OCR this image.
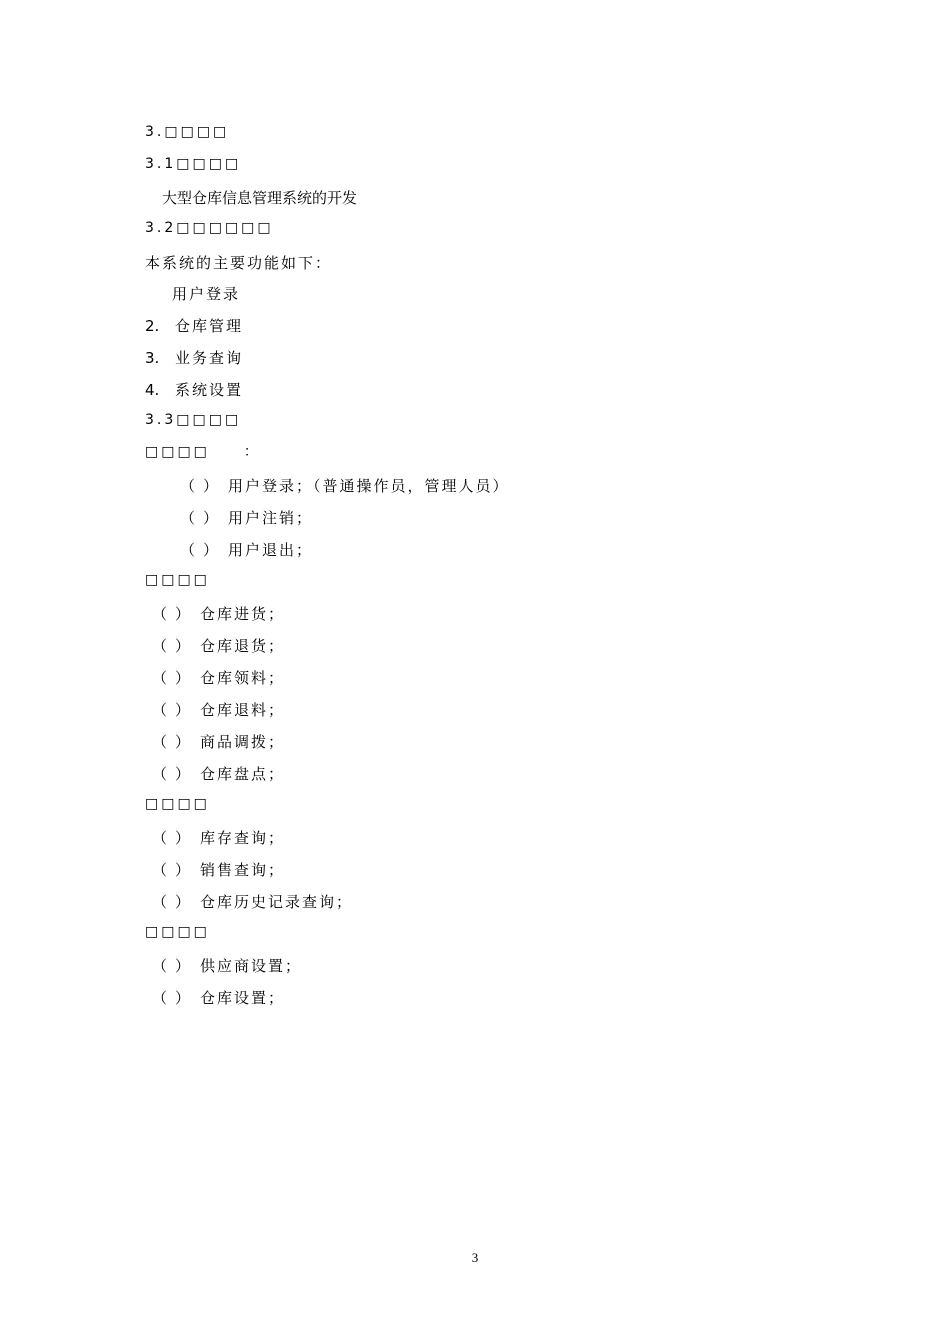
3.□□□□
3.1□□□□
大型仓库信息管理系统的开发
3.2□□□□□□
本系统的主要功能如下：
用户登录
2. 仓库管理
3. 业务查询
4. 系统设置
3.3□□□□
□□□□　　：
（） 用户登录；（普通操作员，管理人员）
（） 用户注销；
（） 用户退出；
□□□□
（） 仓库进货；
（） 仓库退货；
（） 仓库领料；
（） 仓库退料；
（） 商品调拨；
（） 仓库盘点；
□□□□
（） 库存查询；
（） 销售查询；
（） 仓库历史记录查询；
□□□□
（） 供应商设置；
（） 仓库设置；
3
